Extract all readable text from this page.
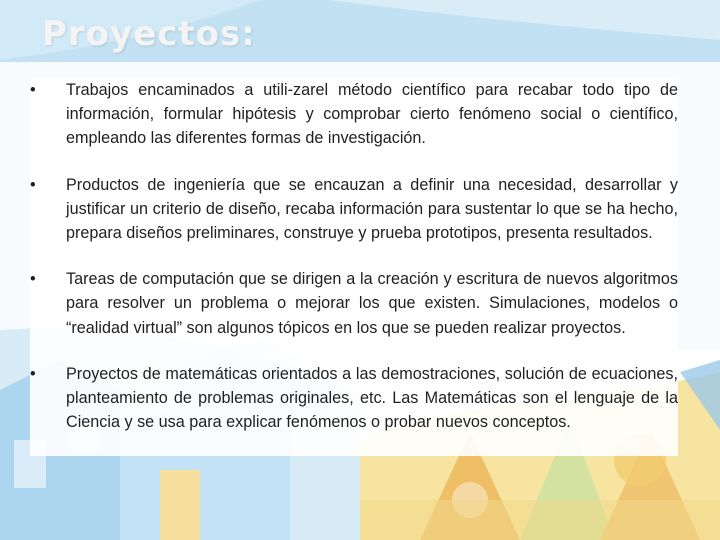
Proyectos:

• Trabajos encaminados a utili-zarel método científico para recabar todo tipo de información, formular hipótesis y comprobar cierto fenómeno social o científico, empleando las diferentes formas de investigación.

• Productos de ingeniería que se encauzan a definir una necesidad, desarrollar y justificar un criterio de diseño, recaba información para sustentar lo que se ha hecho, prepara diseños preliminares, construye y prueba prototipos, presenta resultados.

• Tareas de computación que se dirigen a la creación y escritura de nuevos algoritmos para resolver un problema o mejorar los que existen. Simulaciones, modelos o “realidad virtual” son algunos tópicos en los que se pueden realizar proyectos.

• Proyectos de matemáticas orientados a las demostraciones, solución de ecuaciones, planteamiento de problemas originales, etc. Las Matemáticas son el lenguaje de la Ciencia y se usa para explicar fenómenos o probar nuevos conceptos.
